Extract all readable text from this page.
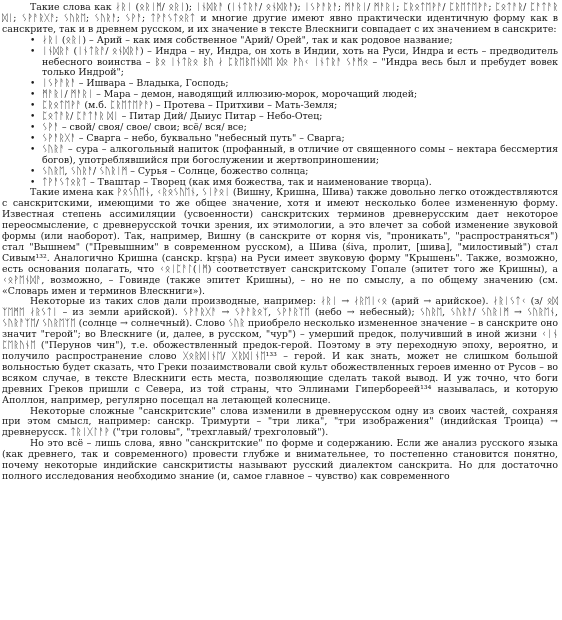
Такие слова как ᛅᚱᛁ (ᛟᚱᛁᛗ/ ᛟᚱᛁ); ᛁᚾᛞᚱᚨ (ᛁᚾᛏᚱᚨ/ ᛟᚾᛞᚱᚨ); ᛁᛊᚹᚨᚱᚨ; ᛗᚨᚱᛁ/ ᛗᚨᚱᛁ; ᛈᚱᛟᛏᛖᚹᚨ/ ᛈᚱᛖᛏᛖᚹᚨ; ᛈᛟᛏᚨᚱ/ ᛈᚨᛏᚨᚱ ᛞᛁ; ᛊᚹᚨᚱᚷᚨ; ᛊᚢᚱᛖ; ᛊᚢᚱᚨ; ᛊᚹᚨ; ᛏᚹᚨᛊᛏᛟᚱᛏ и многие другие имеют явно практически идентичную форму как в санскрите, так и в древнем русском, и их значение в тексте Влескниги совпадает с их значением в санскрите:

• ᛅᚱᛁ (ᛟᚱᛁ) – Арий – как имя собственное "Арий/ Орей", так и как родовое название;
• ᛁᚾᛞᚱᚨ (ᛁᚾᛏᚱᚨ/ ᛟᚾᛞᚱᚨ) – Индра – ну, Индра, он хоть в Индии, хоть на Руси, Индра и есть – предводитель небесного воинства – ᛒᛟ ᛁᚾᛏᚱᛟ ᛒᚤ ᛅ ᛈᚱᛖᛒᛖᚾᛞᛖ ᛞᛟ ᚹᚤᚲ ᛁᚾᛏᚱᚨ ᛊᚨᛗᛟ – "Индра весь был и пребудет вовек только Индрой";
• ᛁᛊᚹᚨᚱᚨ – Ишвара – Владыка, Господь;
• ᛗᚨᚱᛁ/ ᛗᚨᚱᛁ – Мара – демон, наводящий иллюзию-морок, морочащий людей;
• ᛈᚱᛟᛏᛖᚹᚨ (м.б. ᛈᚱᛖᛏᛖᚹᚨ) – Протева – Притхиви – Мать-Земля;
• ᛈᛟᛏᚨᚱ/ ᛈᚨᛏᚨᚱ ᛞᛁ – Питар Дий/ Дыиус Питар – Небо-Отец;
• ᛊᚹᚨ – свой/ своя/ свое/ свои; всё/ вся/ все;
• ᛊᚹᚨᚱᚷᚨ – Сварга – небо, буквально "небесный путь" – Сварга;
• ᛊᚢᚱᚨ – сура – алкогольный напиток (профанный, в отличие от священного сомы – нектара бессмертия богов), употреблявшийся при богослужении и жертвоприношении;
• ᛊᚢᚱᛖ, ᛊᚢᚱᚨ/ ᛊᚢᚱᛁᛗ – Сурья – Солнце, божество солнца;
• ᛏᚹᚨᛊᛏᛟᚱᛏ – Тваштар – Творец (как имя божества, так и наименование творца).

Такие имена как ᚹᛟᛊᚢᛖᚾ, ᚲᚱᛟᛊᚢᛖᚾ, ᛊᛁᚹᛟᛁ (Вишну, Кришна, Шива) также довольно легко отождествляются с санскритскими, имеющими то же общее значение, хотя и имеют несколько более измененную форму. Известная степень ассимиляции (усвоенности) санскритских терминов древнерусским дает некоторое переосмысление, с древнерусской точки зрения, их этимологии, а это влечет за собой изменение звуковой формы (или наоборот). Так, например, Вишну (в санскрите от корня vis, "проникать", "распространяться") стал "Вышнем" ("Превышним" в современном русском), а Шива (śiva, пролит, [шива], "милостивый") стал Сивым¹³². Аналогично Кришна (санскр. kṛṣṇa) на Руси имеет звуковую форму "Крышень". Также, возможно, есть основания полагать, что ᚲᛟᛁᛈᚨᛚ(ᛁᛗ) соответствует санскритскому Гопале (эпитет того же Кришны), а ᚲᛟᚹᛖᚾᛞᚨ, возможно, – Говинде (также эпитет Кришны), – но не по смыслу, а по общему значению (см. «Словарь имен и терминов Влескниги»).

Некоторые из таких слов дали производные, например: ᛅᚱᛁ → ᛅᚱᛖᛁᚲᛟ (арий → арийское). ᛅᚱᛁᛊᛏᚲ (з/ ᛟᛞ ᛉᛖᛗᛖ ᛅᚱᛊᛏᛁ – из земли арийской). ᛊᚹᚨᚱᚷᚨ → ᛊᚹᚨᚱᛟᛉ, ᛊᚹᚨᚱᛉᛖ (небо → небесный); ᛊᚢᚱᛖ, ᛊᚢᚱᚨ/ ᛊᚢᚱᛁᛗ → ᛊᚢᚱᛖᚾ, ᛊᚢᚱᚨᛉᛖ/ ᛊᚢᚱᛖᛉᛖ (солнце → солнечный). Слово ᛊᚢᚱ приобрело несколько измененное значение – в санскрите оно значит "герой"; во Влескниге (и, далее, в русском, "чур") – умерший предок, получивший в иной жизни ᚲᛁᚾ ᛈᛖᚱᚢᚾᛖ ("Перунов чин"), т.е. обожествленный предок-герой. Поэтому в эту переходную эпоху, вероятно, и получило распространение слово ᚷᛟᚱᛞᛁᚾᛖ/ ᚷᚱᛞᛁᚾᛖ¹³³ – герой. И как знать, может не слишком большой вольностью будет сказать, что Греки позаимствовали свой культ обожествленных героев именно от Русов – во всяком случае, в тексте Влескниги есть места, позволяющие сделать такой вывод. И уж точно, что боги древних Греков пришли с Севера, из той страны, что Эллинами Гипербореей¹³⁴ называлась, и которую Аполлон, например, регулярно посещал на летающей колеснице.

Некоторые сложные "санскритские" слова изменили в древнерусском одну из своих частей, сохраняя при этом смысл, например: санскр. Тримурти – "три лика", "три изображения" (индийская Троица) → древнерусск. ᛏᚱᛁᚷᛚᚨᚹ ("три головы", "трехглавый/ трехголовый").

Но это всё – лишь слова, явно "санскритские" по форме и содержанию. Если же анализ русского языка (как древнего, так и современного) провести глубже и внимательнее, то постепенно становится понятно, почему некоторые индийские санскритисты называют русский диалектом санскрита. Но для достаточно полного исследования необходимо знание (и, самое главное – чувство) как современного
